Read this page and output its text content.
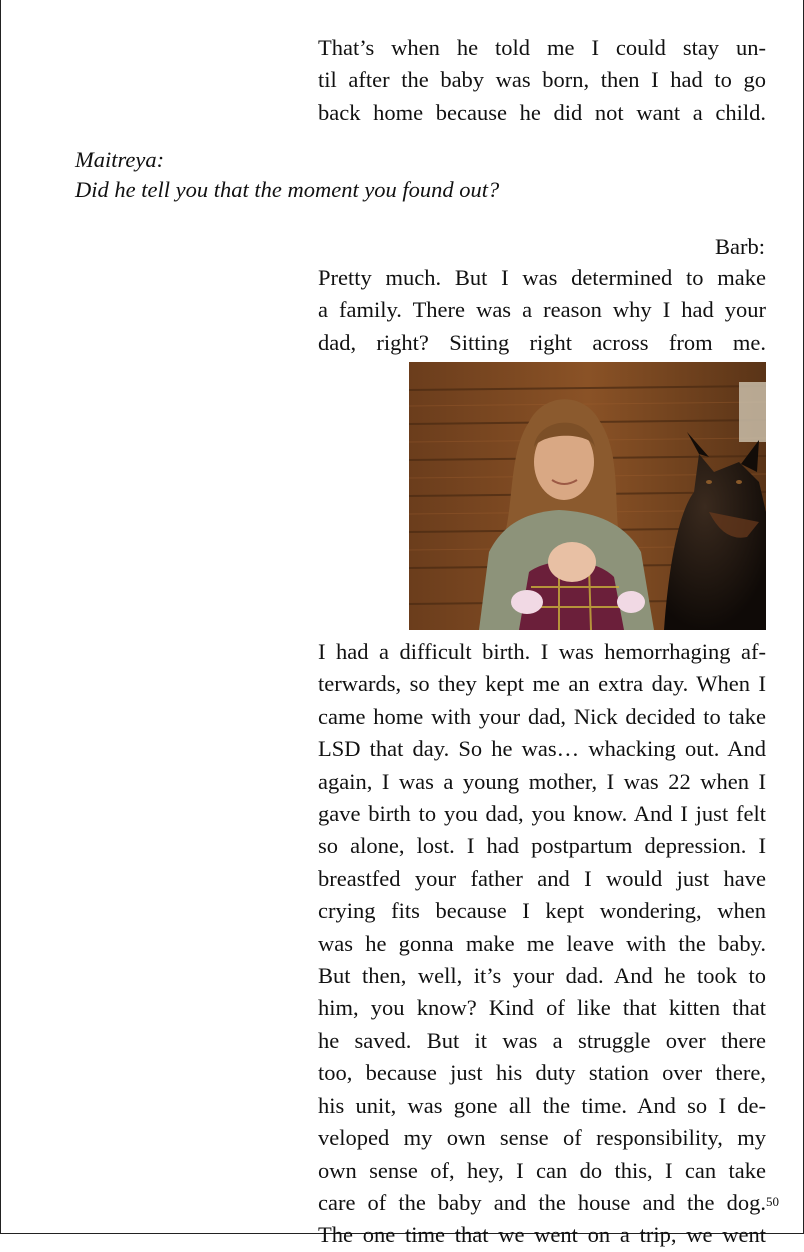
That’s when he told me I could stay un-
til after the baby was born, then I had to go
back home because he did not want a child.
Maitreya:
Did he tell you that the moment you found out?
Barb:
Pretty much. But I was determined to make
a family. There was a reason why I had your
dad, right? Sitting right across from me.
I had a difficult birth. I was hemorrhaging af-
terwards, so they kept me an extra day. When I
came home with your dad, Nick decided to take
LSD that day. So he was… whacking out. And
again, I was a young mother, I was 22 when I
gave birth to you dad, you know. And I just felt
so alone, lost. I had postpartum depression. I
breastfed your father and I would just have
crying fits because I kept wondering, when
was he gonna make me leave with the baby.
But then, well, it’s your dad. And he took to
him, you know? Kind of like that kitten that
he saved. But it was a struggle over there
too, because just his duty station over there,
his unit, was gone all the time. And so I de-
veloped my own sense of responsibility, my
own sense of, hey, I can do this, I can take
care of the baby and the house and the dog.
The one time that we went on a trip, we went
50
